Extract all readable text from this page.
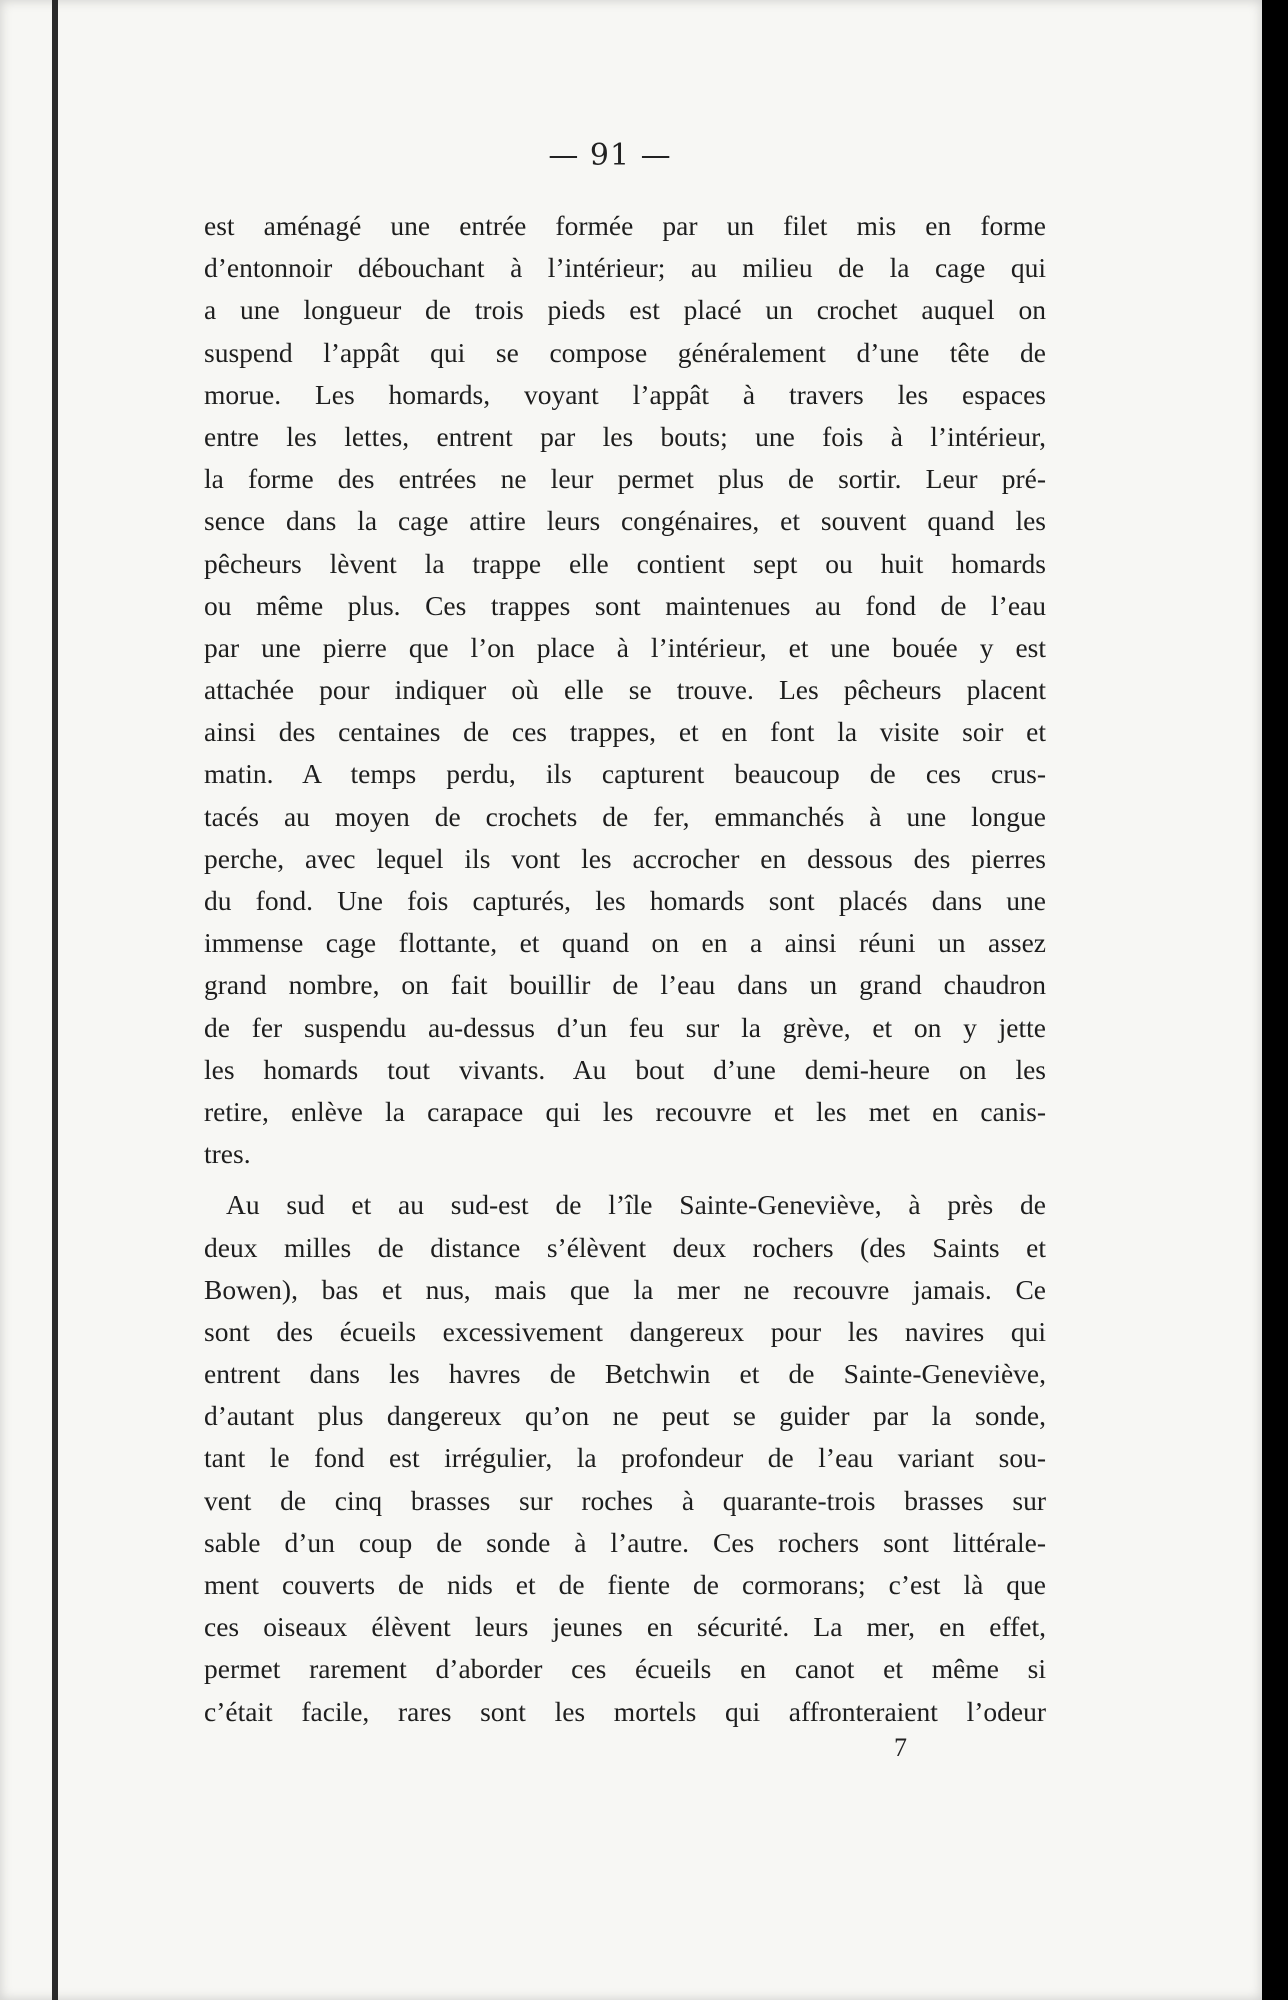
— 91 —
est aménagé une entrée formée par un filet mis en forme
d’entonnoir débouchant à l’intérieur; au milieu de la cage qui
a une longueur de trois pieds est placé un crochet auquel on
suspend l’appât qui se compose généralement d’une tête de
morue. Les homards, voyant l’appât à travers les espaces
entre les lettes, entrent par les bouts; une fois à l’intérieur,
la forme des entrées ne leur permet plus de sortir. Leur pré-
sence dans la cage attire leurs congénaires, et souvent quand les
pêcheurs lèvent la trappe elle contient sept ou huit homards
ou même plus. Ces trappes sont maintenues au fond de l’eau
par une pierre que l’on place à l’intérieur, et une bouée y est
attachée pour indiquer où elle se trouve. Les pêcheurs placent
ainsi des centaines de ces trappes, et en font la visite soir et
matin. A temps perdu, ils capturent beaucoup de ces crus-
tacés au moyen de crochets de fer, emmanchés à une longue
perche, avec lequel ils vont les accrocher en dessous des pierres
du fond. Une fois capturés, les homards sont placés dans une
immense cage flottante, et quand on en a ainsi réuni un assez
grand nombre, on fait bouillir de l’eau dans un grand chaudron
de fer suspendu au-dessus d’un feu sur la grève, et on y jette
les homards tout vivants. Au bout d’une demi-heure on les
retire, enlève la carapace qui les recouvre et les met en canis-
tres.
Au sud et au sud-est de l’île Sainte-Geneviève, à près de
deux milles de distance s’élèvent deux rochers (des Saints et
Bowen), bas et nus, mais que la mer ne recouvre jamais. Ce
sont des écueils excessivement dangereux pour les navires qui
entrent dans les havres de Betchwin et de Sainte-Geneviève,
d’autant plus dangereux qu’on ne peut se guider par la sonde,
tant le fond est irrégulier, la profondeur de l’eau variant sou-
vent de cinq brasses sur roches à quarante-trois brasses sur
sable d’un coup de sonde à l’autre. Ces rochers sont littérale-
ment couverts de nids et de fiente de cormorans; c’est là que
ces oiseaux élèvent leurs jeunes en sécurité. La mer, en effet,
permet rarement d’aborder ces écueils en canot et même si
c’était facile, rares sont les mortels qui affronteraient l’odeur
7
